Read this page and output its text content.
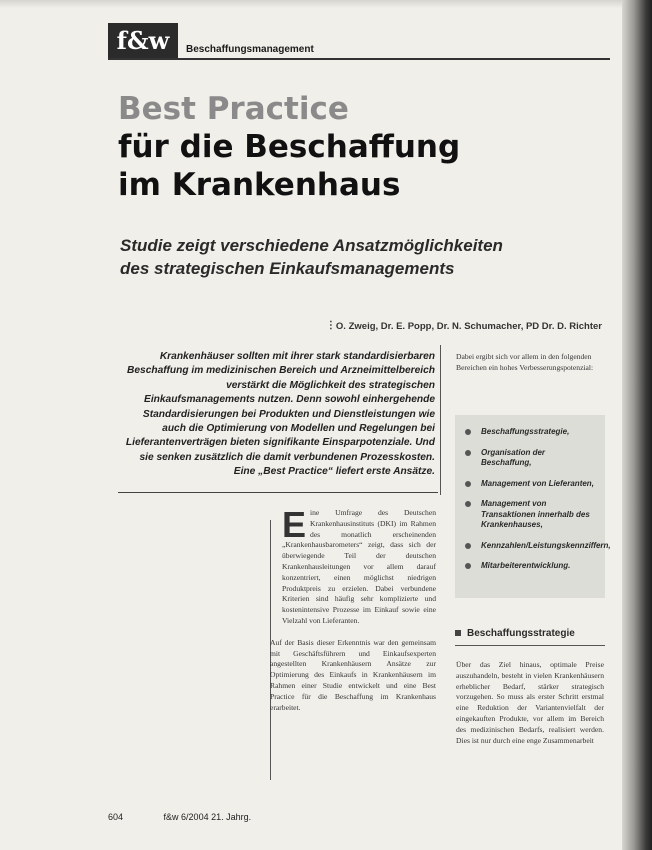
f&w	Beschaffungsmanagement
Best Practice
für die Beschaffung
im Krankenhaus
Studie zeigt verschiedene Ansatzmöglichkeiten
des strategischen Einkaufsmanagements
⋮ O. Zweig, Dr. E. Popp, Dr. N. Schumacher, PD Dr. D. Richter
Krankenhäuser sollten mit ihrer stark standardisierbaren Beschaffung im medizinischen Bereich und Arzneimittelbereich verstärkt die Möglichkeit des strategischen Einkaufsmanagements nutzen. Denn sowohl einhergehende Standardisierungen bei Produkten und Dienstleistungen wie auch die Optimierung von Modellen und Regelungen bei Lieferantenverträgen bieten signifikante Einsparpotenziale. Und sie senken zusätzlich die damit verbundenen Prozesskosten. Eine „Best Practice“ liefert erste Ansätze.

Eine Umfrage des Deutschen Krankenhausinstituts (DKI) im Rahmen des monatlich erscheinenden „Krankenhausbarometers“ zeigt, dass sich der überwiegende Teil der deutschen Krankenhausleitungen vor allem darauf konzentriert, einen möglichst niedrigen Produktpreis zu erzielen. Dabei verbundene Kriterien sind häufig sehr komplizierte und kostenintensive Prozesse im Einkauf sowie eine Vielzahl von Lieferanten.

Auf der Basis dieser Erkenntnis war den gemeinsam mit Geschäftsführern und Einkaufsexperten angestellten Krankenhäusern Ansätze zur Optimierung des Einkaufs in Krankenhäusern im Rahmen einer Studie entwickelt und eine Best Practice für die Beschaffung im Krankenhaus erarbeitet.

Dabei ergibt sich vor allem in den folgenden Bereichen ein hohes Verbesserungspotenzial:
Beschaffungsstrategie,
Organisation der Beschaffung,
Management von Lieferanten,
Management von Transaktionen innerhalb des Krankenhauses,
Kennzahlen/Leistungskennziffern,
Mitarbeiterentwicklung.
Beschaffungsstrategie
Über das Ziel hinaus, optimale Preise auszuhandeln, besteht in vielen Krankenhäusern erheblicher Bedarf, stärker strategisch vorzugehen. So muss als erster Schritt erstmal eine Reduktion der Variantenvielfalt der eingekauften Produkte, vor allem im Bereich des medizinischen Bedarfs, realisiert werden. Dies ist nur durch eine enge Zusammenarbeit
604	f&w 6/2004 21. Jahrg.
